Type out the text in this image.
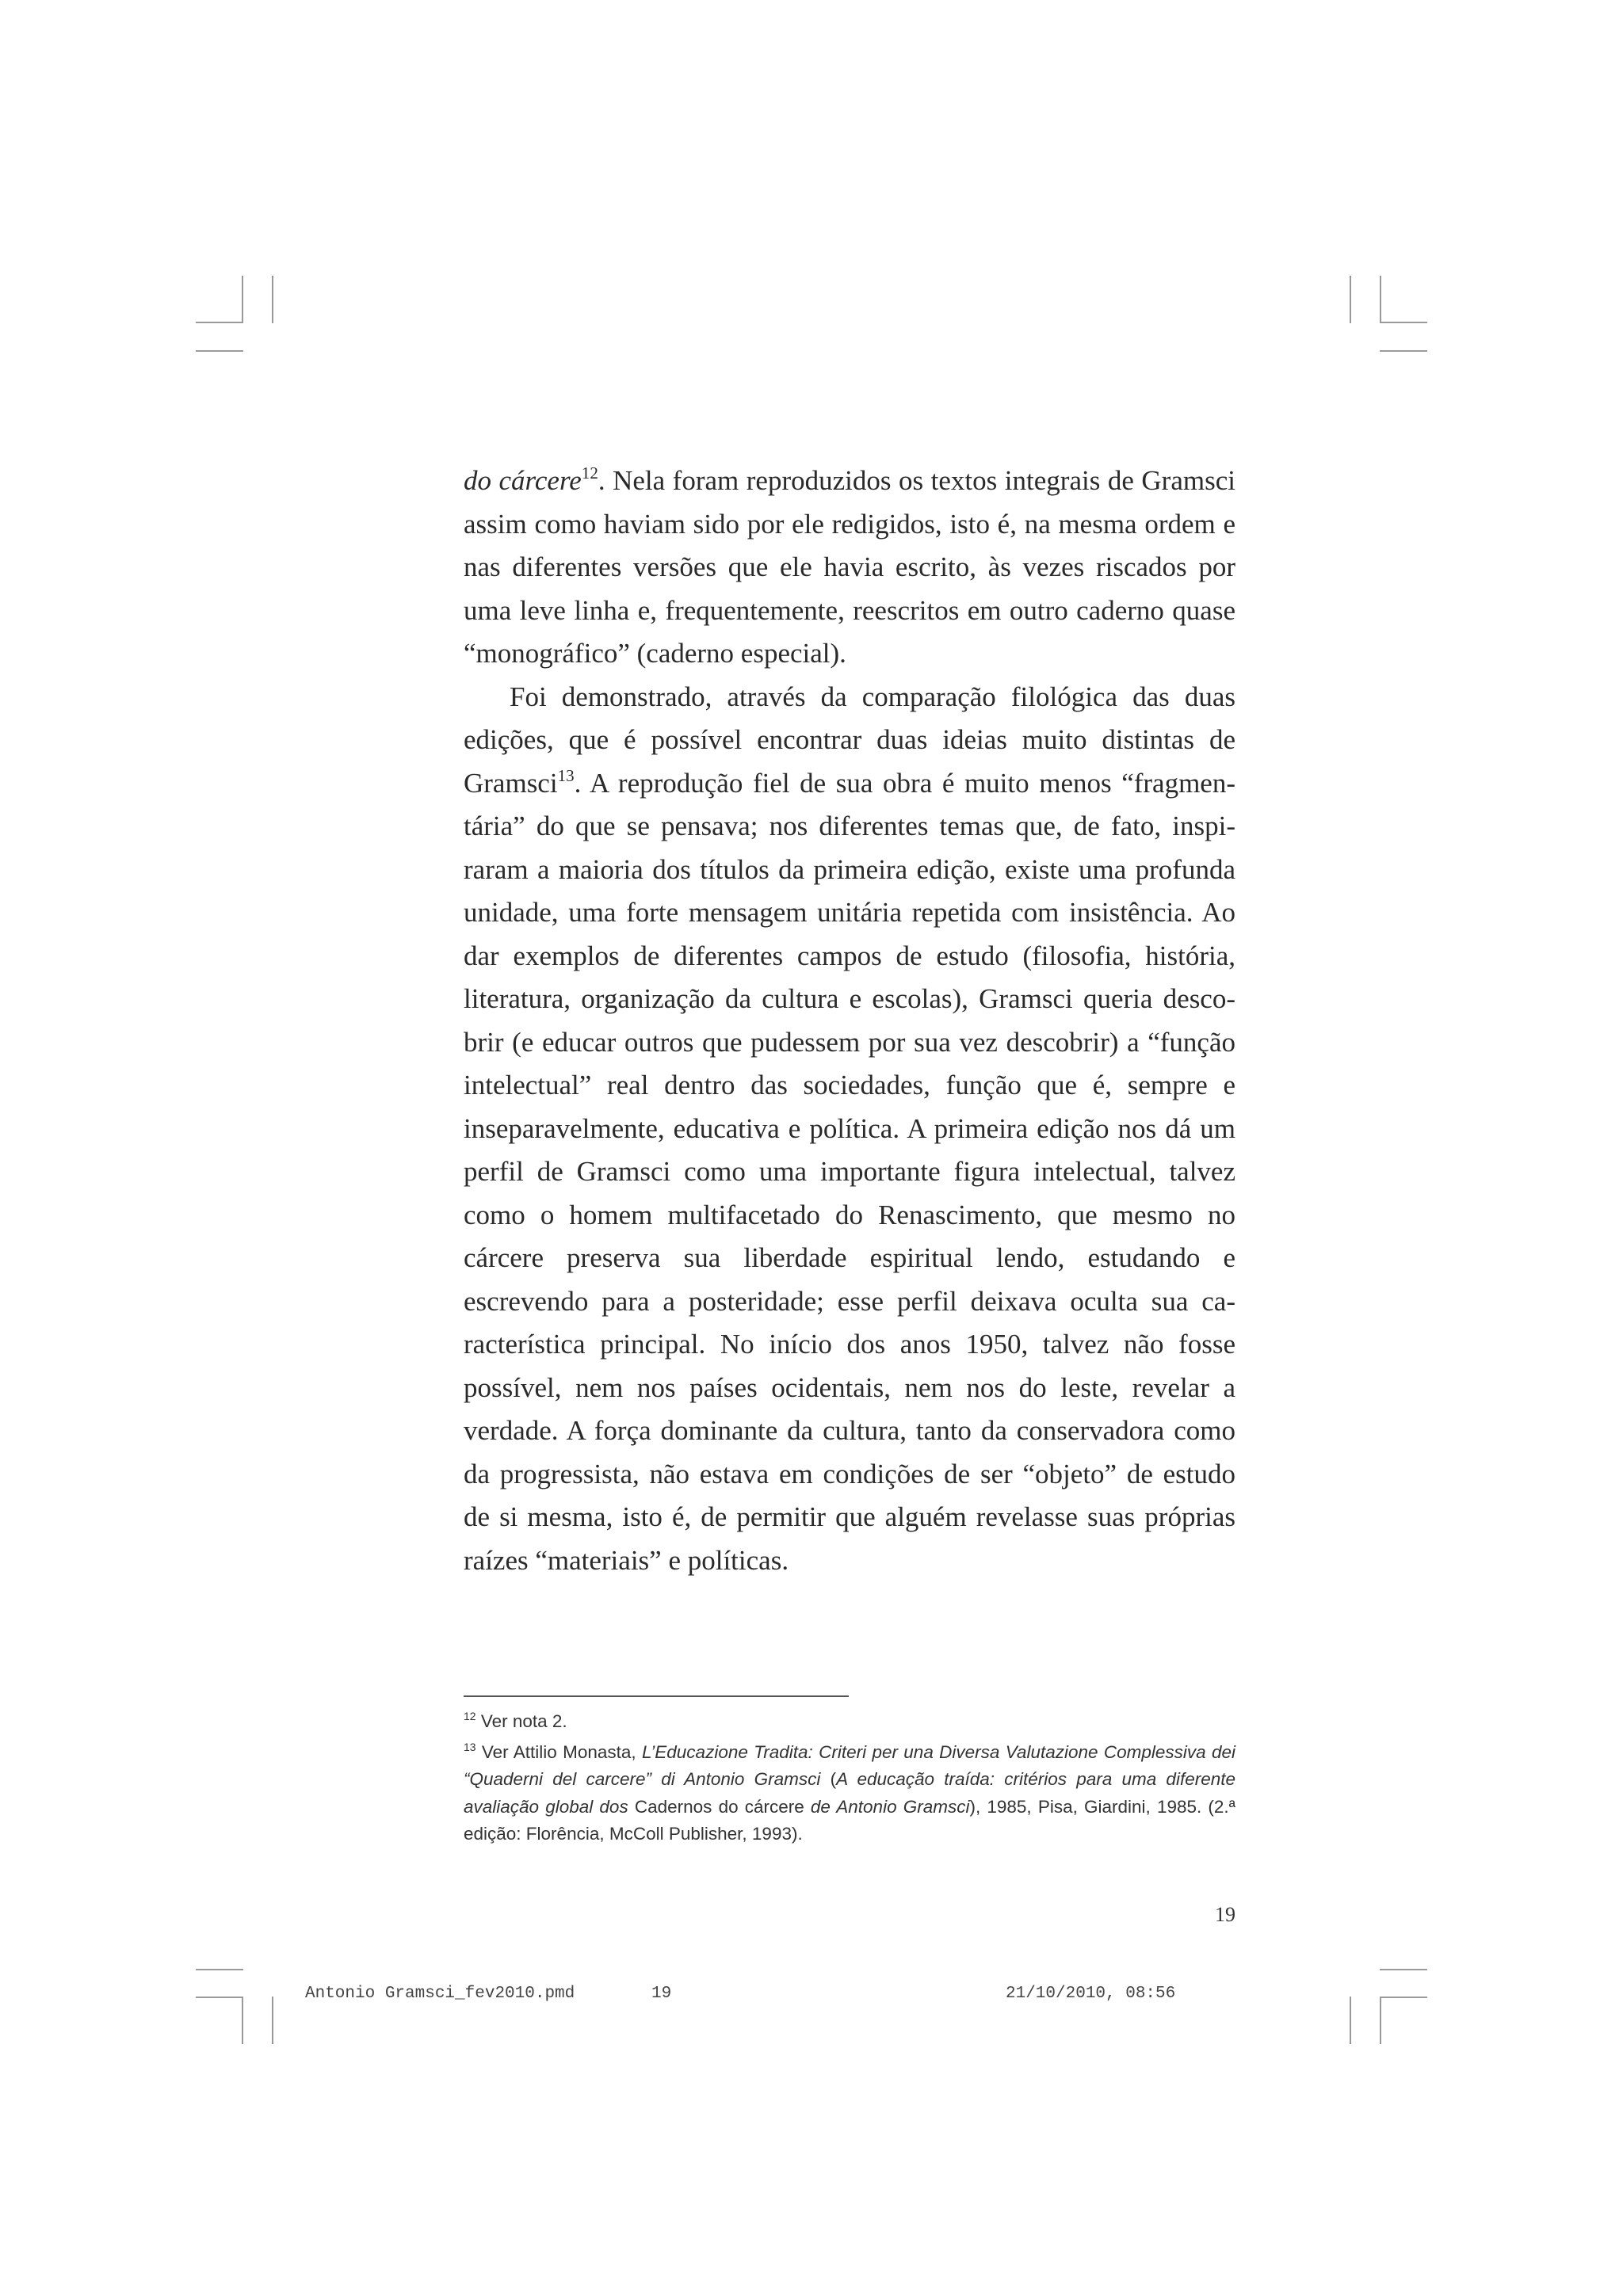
do cárcere$^{12}$. Nela foram reproduzidos os textos integrais de Gramsci assim como haviam sido por ele redigidos, isto é, na mesma ordem e nas diferentes versões que ele havia escrito, às vezes riscados por uma leve linha e, frequentemente, reescritos em outro caderno quase “monográfico” (caderno especial).

Foi demonstrado, através da comparação filológica das duas edições, que é possível encontrar duas ideias muito distintas de Gramsci$^{13}$. A reprodução fiel de sua obra é muito menos “fragmentária” do que se pensava; nos diferentes temas que, de fato, inspiraram a maioria dos títulos da primeira edição, existe uma profunda unidade, uma forte mensagem unitária repetida com insistência. Ao dar exemplos de diferentes campos de estudo (filosofia, história, literatura, organização da cultura e escolas), Gramsci queria descobrir (e educar outros que pudessem por sua vez descobrir) a “função intelectual” real dentro das sociedades, função que é, sempre e inseparavelmente, educativa e política. A primeira edição nos dá um perfil de Gramsci como uma importante figura intelectual, talvez como o homem multifacetado do Renascimento, que mesmo no cárcere preserva sua liberdade espiritual lendo, estudando e escrevendo para a posteridade; esse perfil deixava oculta sua característica principal. No início dos anos 1950, talvez não fosse possível, nem nos países ocidentais, nem nos do leste, revelar a verdade. A força dominante da cultura, tanto da conservadora como da progressista, não estava em condições de ser “objeto” de estudo de si mesma, isto é, de permitir que alguém revelasse suas próprias raízes “materiais” e políticas.

$^{12}$ Ver nota 2.

$^{13}$ Ver Attilio Monasta, L’Educazione Tradita: Criteri per una Diversa Valutazione Complessiva dei “Quaderni del carcere” di Antonio Gramsci (A educação traída: critérios para uma diferente avaliação global dos Cadernos do cárcere de Antonio Gramsci), 1985, Pisa, Giardini, 1985. (2.ª edição: Florência, McColl Publisher, 1993).

19

Antonio Gramsci_fev2010.pmd

	19

	21/10/2010, 08:56
